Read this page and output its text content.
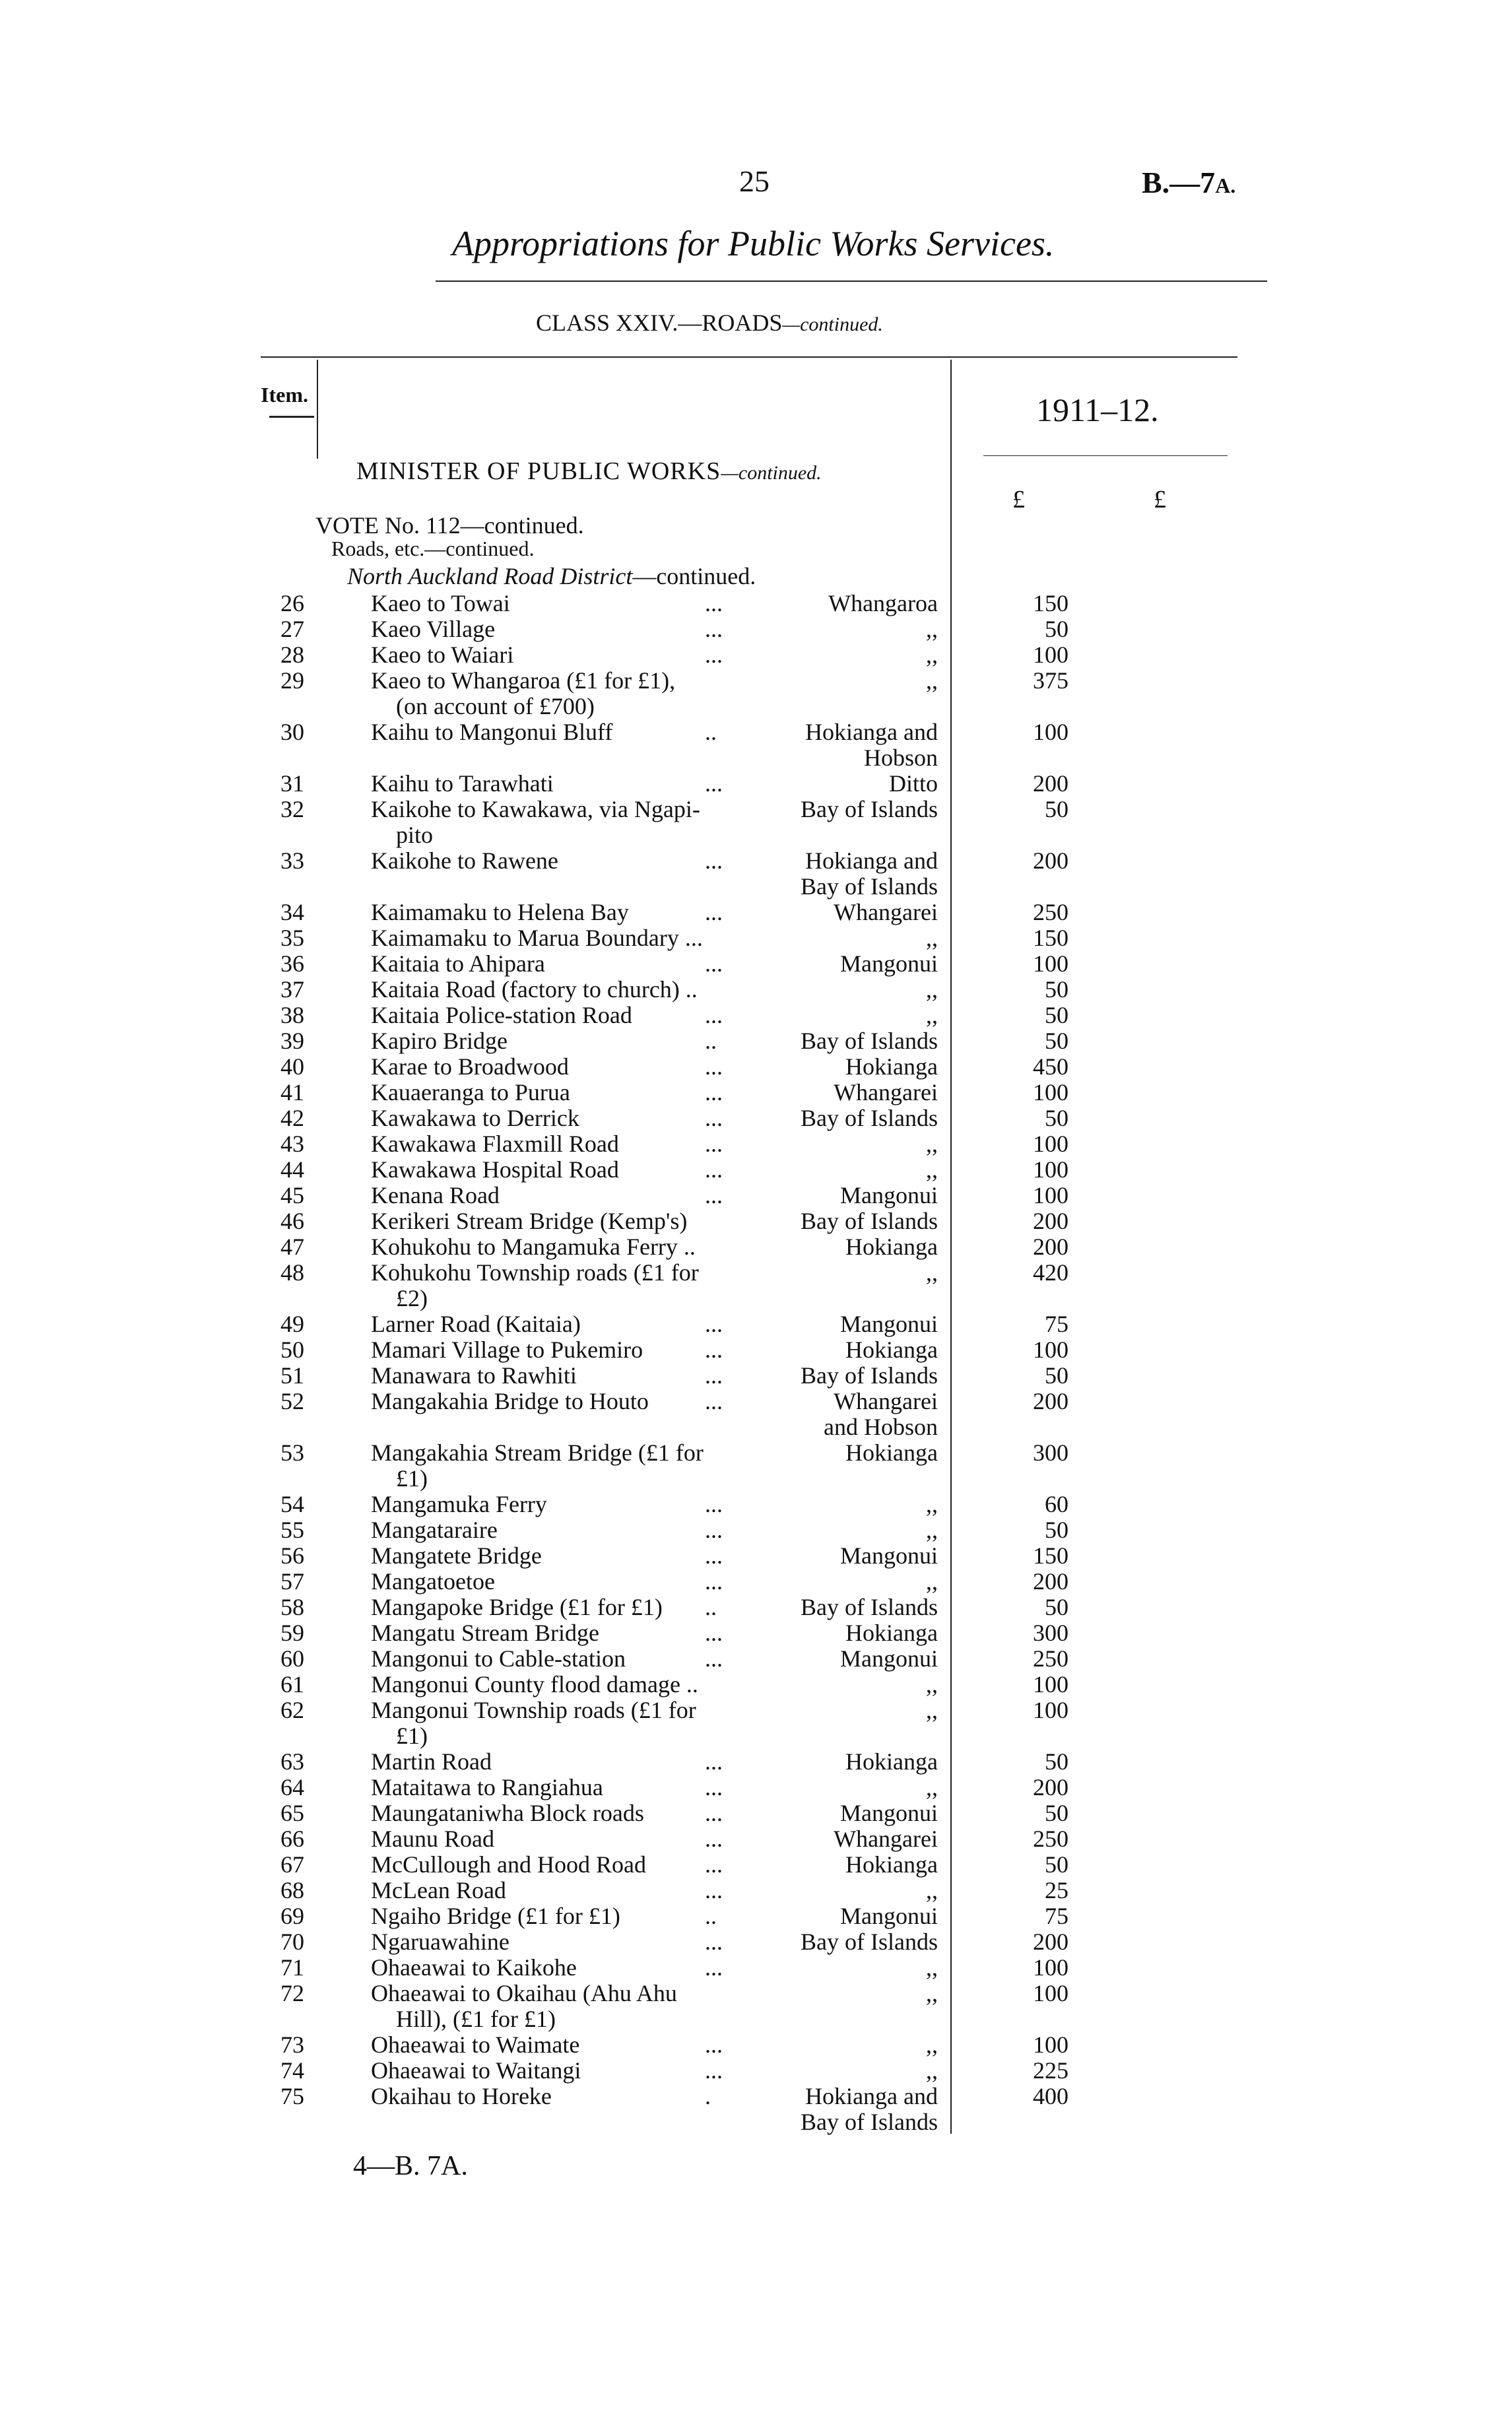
25	B.—7A.
Appropriations for Public Works Services.
CLASS XXIV.—ROADS—continued.
Item.	1911–12.
£	£
MINISTER OF PUBLIC WORKS—continued.
VOTE No. 112—continued.
Roads, etc.—continued.
North Auckland Road District—continued.
26	Kaeo to Towai	...	Whangaroa	150
27	Kaeo Village	...	,,	50
28	Kaeo to Waiari	...	,,	100
29	Kaeo to Whangaroa (£1 for £1),	,,	375
(on account of £700)
30	Kaihu to Mangonui Bluff	..	Hokianga and	100
Hobson
31	Kaihu to Tarawhati	...	Ditto	200
32	Kaikohe to Kawakawa, via Ngapi-	Bay of Islands	50
pito
33	Kaikohe to Rawene	...	Hokianga and	200
Bay of Islands
34	Kaimamaku to Helena Bay	...	Whangarei	250
35	Kaimamaku to Marua Boundary ...	,,	150
36	Kaitaia to Ahipara	...	Mangonui	100
37	Kaitaia Road (factory to church) ..	,,	50
38	Kaitaia Police-station Road	...	,,	50
39	Kapiro Bridge	..	Bay of Islands	50
40	Karae to Broadwood	...	Hokianga	450
41	Kauaeranga to Purua	...	Whangarei	100
42	Kawakawa to Derrick	...	Bay of Islands	50
43	Kawakawa Flaxmill Road	...	,,	100
44	Kawakawa Hospital Road	...	,,	100
45	Kenana Road	...	Mangonui	100
46	Kerikeri Stream Bridge (Kemp's)	Bay of Islands	200
47	Kohukohu to Mangamuka Ferry ..	Hokianga	200
48	Kohukohu Township roads (£1 for	,,	420
£2)
49	Larner Road (Kaitaia)	...	Mangonui	75
50	Mamari Village to Pukemiro	...	Hokianga	100
51	Manawara to Rawhiti	...	Bay of Islands	50
52	Mangakahia Bridge to Houto ...	Whangarei	200
and Hobson
53	Mangakahia Stream Bridge (£1 for	Hokianga	300
£1)
54	Mangamuka Ferry	...	,,	60
55	Mangataraire	...	,,	50
56	Mangatete Bridge	...	Mangonui	150
57	Mangatoetoe	...	,,	200
58	Mangapoke Bridge (£1 for £1) ..	Bay of Islands	50
59	Mangatu Stream Bridge	...	Hokianga	300
60	Mangonui to Cable-station	...	Mangonui	250
61	Mangonui County flood damage ..	,,	100
62	Mangonui Township roads (£1 for	,,	100
£1)
63	Martin Road	...	Hokianga	50
64	Mataitawa to Rangiahua	...	,,	200
65	Maungataniwha Block roads	...	Mangonui	50
66	Maunu Road	...	Whangarei	250
67	McCullough and Hood Road ...	Hokianga	50
68	McLean Road	...	,,	25
69	Ngaiho Bridge (£1 for £1)	..	Mangonui	75
70	Ngaruawahine	...	Bay of Islands	200
71	Ohaeawai to Kaikohe	...	,,	100
72	Ohaeawai to Okaihau (Ahu Ahu	,,	100
Hill), (£1 for £1)
73	Ohaeawai to Waimate	...	,,	100
74	Ohaeawai to Waitangi	...	,,	225
75	Okaihau to Horeke	.	Hokianga and	400
Bay of Islands
4—B. 7A.
